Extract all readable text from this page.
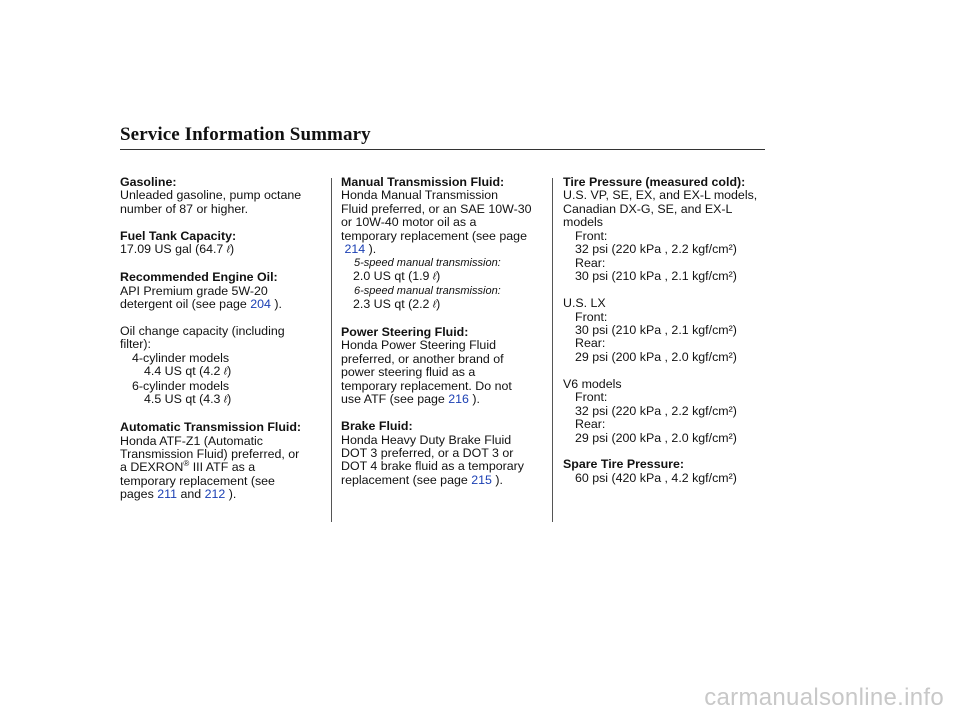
Service Information Summary
Gasoline:
Unleaded gasoline, pump octane
number of 87 or higher.
Fuel Tank Capacity:
17.09 US gal (64.7 ℓ)
Recommended Engine Oil:
API Premium grade 5W-20
detergent oil (see page 204 ).
Oil change capacity (including
filter):
4-cylinder models
4.4 US qt (4.2 ℓ)
6-cylinder models
4.5 US qt (4.3 ℓ)
Automatic Transmission Fluid:
Honda ATF-Z1 (Automatic
Transmission Fluid) preferred, or
a DEXRON® III ATF as a
temporary replacement (see
pages 211 and 212 ).
Manual Transmission Fluid:
Honda Manual Transmission
Fluid preferred, or an SAE 10W-30
or 10W-40 motor oil as a
temporary replacement (see page
214 ).
5-speed manual transmission:
2.0 US qt (1.9 ℓ)
6-speed manual transmission:
2.3 US qt (2.2 ℓ)
Power Steering Fluid:
Honda Power Steering Fluid
preferred, or another brand of
power steering fluid as a
temporary replacement. Do not
use ATF (see page 216 ).
Brake Fluid:
Honda Heavy Duty Brake Fluid
DOT 3 preferred, or a DOT 3 or
DOT 4 brake fluid as a temporary
replacement (see page 215 ).
Tire Pressure (measured cold):
U.S. VP, SE, EX, and EX-L models,
Canadian DX-G, SE, and EX-L
models
Front:
32 psi (220 kPa , 2.2 kgf/cm²)
Rear:
30 psi (210 kPa , 2.1 kgf/cm²)
U.S. LX
Front:
30 psi (210 kPa , 2.1 kgf/cm²)
Rear:
29 psi (200 kPa , 2.0 kgf/cm²)
V6 models
Front:
32 psi (220 kPa , 2.2 kgf/cm²)
Rear:
29 psi (200 kPa , 2.0 kgf/cm²)
Spare Tire Pressure:
60 psi (420 kPa , 4.2 kgf/cm²)
carmanualsonline.info
